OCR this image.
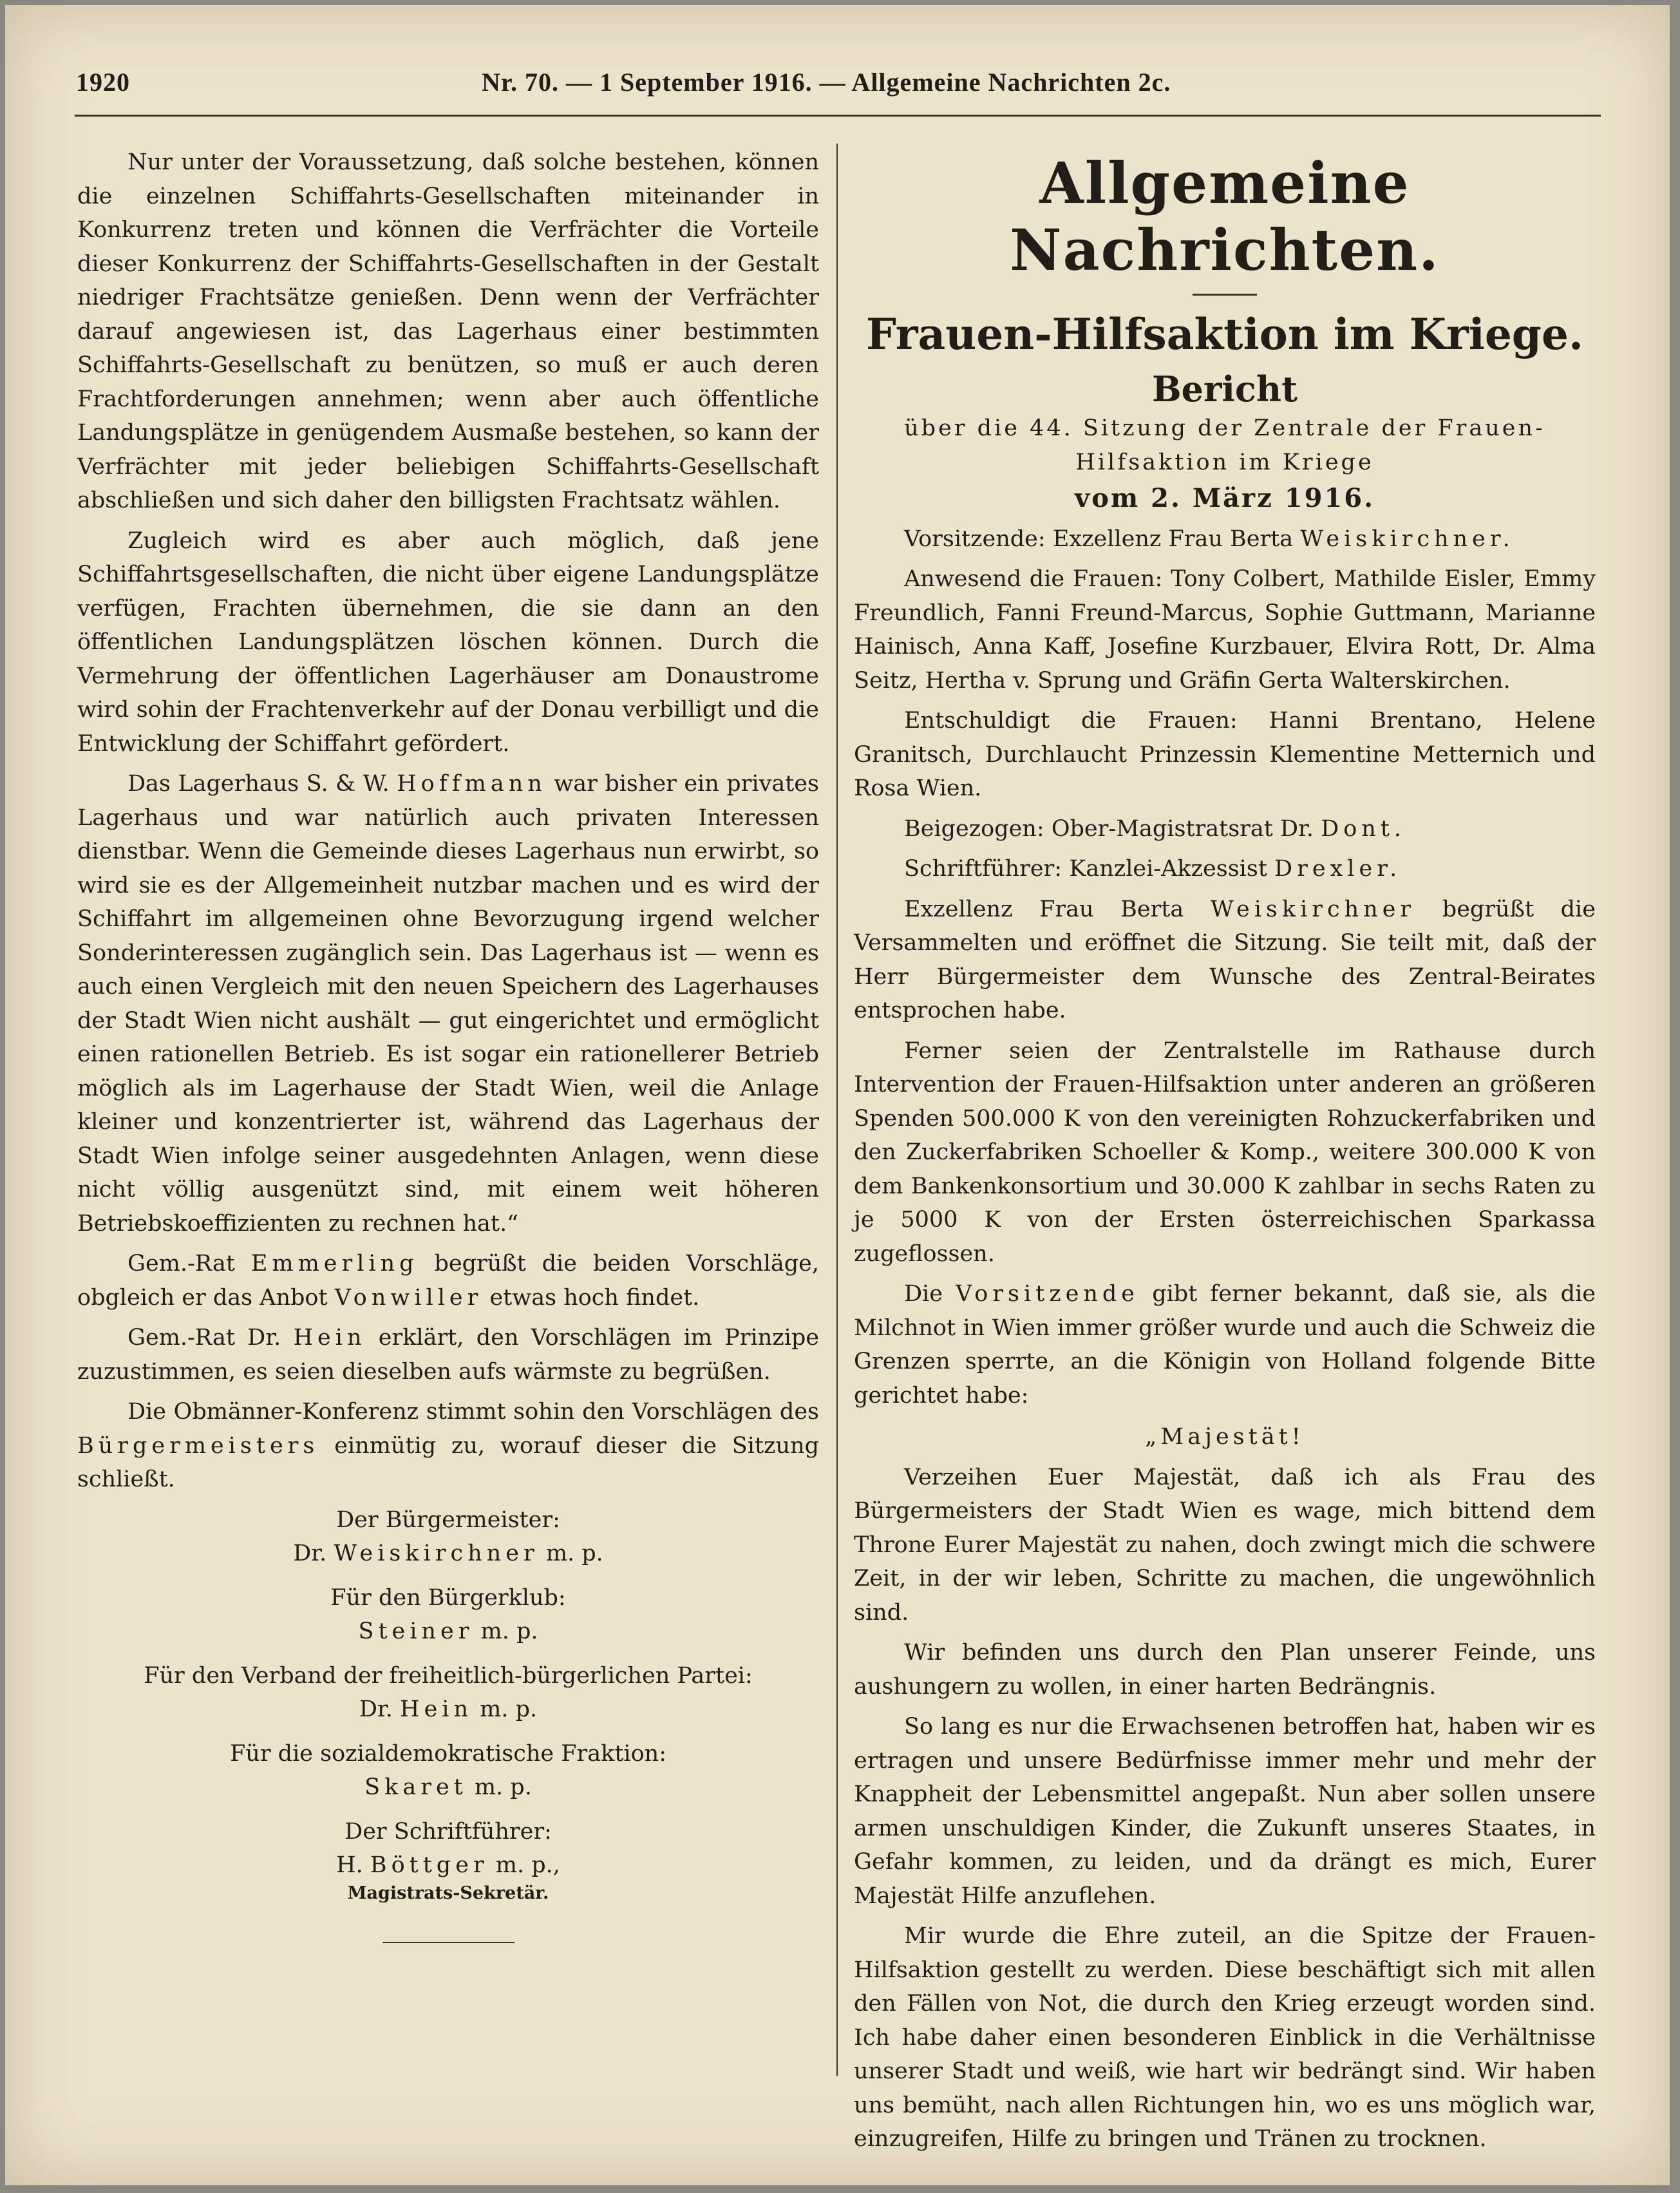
1920	Nr. 70. — 1 September 1916. — Allgemeine Nachrichten 2c.

Nur unter der Voraussetzung, daß solche bestehen, können die einzelnen Schiffahrts-Gesellschaften miteinander in Konkurrenz treten und können die Verfrächter die Vorteile dieser Konkurrenz der Schiffahrts-Gesellschaften in der Gestalt niedriger Frachtsätze genießen. Denn wenn der Verfrächter darauf angewiesen ist, das Lagerhaus einer bestimmten Schiffahrts-Gesellschaft zu benützen, so muß er auch deren Frachtforderungen annehmen; wenn aber auch öffentliche Landungsplätze in genügendem Ausmaße bestehen, so kann der Verfrächter mit jeder beliebigen Schiffahrts-Gesellschaft abschließen und sich daher den billigsten Frachtsatz wählen.

Zugleich wird es aber auch möglich, daß jene Schiffahrtsgesellschaften, die nicht über eigene Landungsplätze verfügen, Frachten übernehmen, die sie dann an den öffentlichen Landungsplätzen löschen können. Durch die Vermehrung der öffentlichen Lagerhäuser am Donaustrome wird sohin der Frachtenverkehr auf der Donau verbilligt und die Entwicklung der Schiffahrt gefördert.

Das Lagerhaus S. & W. Hoffmann war bisher ein privates Lagerhaus und war natürlich auch privaten Interessen dienstbar. Wenn die Gemeinde dieses Lagerhaus nun erwirbt, so wird sie es der Allgemeinheit nutzbar machen und es wird der Schiffahrt im allgemeinen ohne Bevorzugung irgend welcher Sonderinteressen zugänglich sein. Das Lagerhaus ist — wenn es auch einen Vergleich mit den neuen Speichern des Lagerhauses der Stadt Wien nicht aushält — gut eingerichtet und ermöglicht einen rationellen Betrieb. Es ist sogar ein rationellerer Betrieb möglich als im Lagerhause der Stadt Wien, weil die Anlage kleiner und konzentrierter ist, während das Lagerhaus der Stadt Wien infolge seiner ausgedehnten Anlagen, wenn diese nicht völlig ausgenützt sind, mit einem weit höheren Betriebskoeffizienten zu rechnen hat.“

Gem.-Rat Emmerling begrüßt die beiden Vorschläge, obgleich er das Anbot Vonwiller etwas hoch findet.

Gem.-Rat Dr. Hein erklärt, den Vorschlägen im Prinzipe zuzustimmen, es seien dieselben aufs wärmste zu begrüßen.

Die Obmänner-Konferenz stimmt sohin den Vorschlägen des Bürgermeisters einmütig zu, worauf dieser die Sitzung schließt.

Der Bürgermeister:

Dr. Weiskirchner m. p.

Für den Bürgerklub:

Steiner m. p.

Für den Verband der freiheitlich-bürgerlichen Partei:

Dr. Hein m. p.

Für die sozialdemokratische Fraktion:

Skaret m. p.

Der Schriftführer:

H. Böttger m. p.,

Magistrats-Sekretär.

Allgemeine Nachrichten.
Frauen-Hilfsaktion im Kriege.
Bericht

über die 44. Sitzung der Zentrale der Frauen-Hilfsaktion im Kriege

vom 2. März 1916.

Vorsitzende: Exzellenz Frau Berta Weiskirchner.

Anwesend die Frauen: Tony Colbert, Mathilde Eisler, Emmy Freundlich, Fanni Freund-Marcus, Sophie Guttmann, Marianne Hainisch, Anna Kaff, Josefine Kurzbauer, Elvira Rott, Dr. Alma Seitz, Hertha v. Sprung und Gräfin Gerta Walterskirchen.

Entschuldigt die Frauen: Hanni Brentano, Helene Granitsch, Durchlaucht Prinzessin Klementine Metternich und Rosa Wien.

Beigezogen: Ober-Magistratsrat Dr. Dont.

Schriftführer: Kanzlei-Akzessist Drexler.

Exzellenz Frau Berta Weiskirchner begrüßt die Versammelten und eröffnet die Sitzung. Sie teilt mit, daß der Herr Bürgermeister dem Wunsche des Zentral-Beirates entsprochen habe.

Ferner seien der Zentralstelle im Rathause durch Intervention der Frauen-Hilfsaktion unter anderen an größeren Spenden 500.000 K von den vereinigten Rohzuckerfabriken und den Zuckerfabriken Schoeller & Komp., weitere 300.000 K von dem Bankenkonsortium und 30.000 K zahlbar in sechs Raten zu je 5000 K von der Ersten österreichischen Sparkassa zugeflossen.

Die Vorsitzende gibt ferner bekannt, daß sie, als die Milchnot in Wien immer größer wurde und auch die Schweiz die Grenzen sperrte, an die Königin von Holland folgende Bitte gerichtet habe:

„Majestät!

Verzeihen Euer Majestät, daß ich als Frau des Bürgermeisters der Stadt Wien es wage, mich bittend dem Throne Eurer Majestät zu nahen, doch zwingt mich die schwere Zeit, in der wir leben, Schritte zu machen, die ungewöhnlich sind.

Wir befinden uns durch den Plan unserer Feinde, uns aushungern zu wollen, in einer harten Bedrängnis.

So lang es nur die Erwachsenen betroffen hat, haben wir es ertragen und unsere Bedürfnisse immer mehr und mehr der Knappheit der Lebensmittel angepaßt. Nun aber sollen unsere armen unschuldigen Kinder, die Zukunft unseres Staates, in Gefahr kommen, zu leiden, und da drängt es mich, Eurer Majestät Hilfe anzuflehen.

Mir wurde die Ehre zuteil, an die Spitze der Frauen-Hilfsaktion gestellt zu werden. Diese beschäftigt sich mit allen den Fällen von Not, die durch den Krieg erzeugt worden sind. Ich habe daher einen besonderen Einblick in die Verhältnisse unserer Stadt und weiß, wie hart wir bedrängt sind. Wir haben uns bemüht, nach allen Richtungen hin, wo es uns möglich war, einzugreifen, Hilfe zu bringen und Tränen zu trocknen.
